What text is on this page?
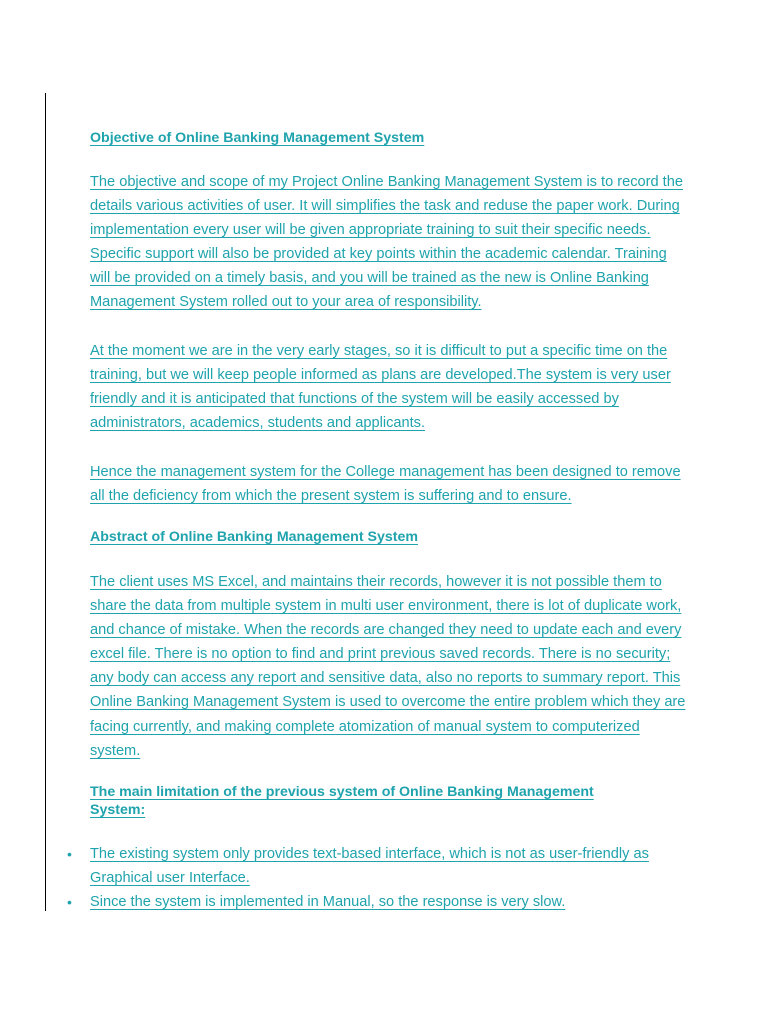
Objective of Online Banking Management System

The objective and scope of my Project Online Banking Management System is to record the details various activities of user. It will simplifies the task and reduse the paper work. During implementation every user will be given appropriate training to suit their specific needs. Specific support will also be provided at key points within the academic calendar. Training will be provided on a timely basis, and you will be trained as the new is Online Banking Management System rolled out to your area of responsibility.

At the moment we are in the very early stages, so it is difficult to put a specific time on the training, but we will keep people informed as plans are developed.The system is very user friendly and it is anticipated that functions of the system will be easily accessed by administrators, academics, students and applicants.

Hence the management system for the College management has been designed to remove all the deficiency from which the present system is suffering and to ensure.

Abstract of Online Banking Management System

The client uses MS Excel, and maintains their records, however it is not possible them to share the data from multiple system in multi user environment, there is lot of duplicate work, and chance of mistake. When the records are changed they need to update each and every excel file. There is no option to find and print previous saved records. There is no security; any body can access any report and sensitive data, also no reports to summary report. This Online Banking Management System is used to overcome the entire problem which they are facing currently, and making complete atomization of manual system to computerized system.

The main limitation of the previous system of Online Banking Management System:
• The existing system only provides text-based interface, which is not as user-friendly as Graphical user Interface.
• Since the system is implemented in Manual, so the response is very slow.
